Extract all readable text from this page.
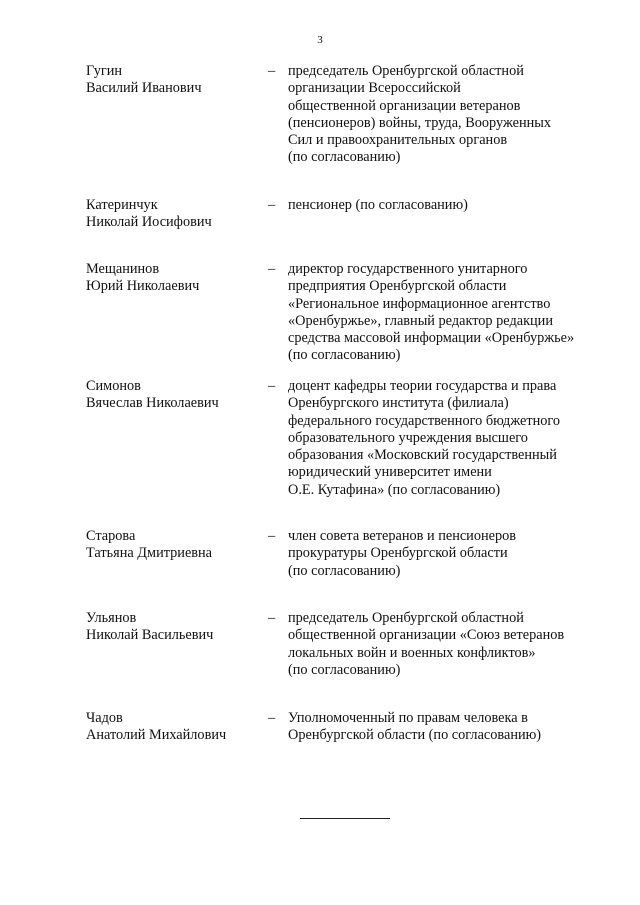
3
Гугин
Василий Иванович
– председатель Оренбургской областной
организации Всероссийской
общественной организации ветеранов
(пенсионеров) войны, труда, Вооруженных
Сил и правоохранительных органов
(по согласованию)
Катеринчук
Николай Иосифович
– пенсионер (по согласованию)
Мещанинов
Юрий Николаевич
– директор государственного унитарного
предприятия Оренбургской области
«Региональное информационное агентство
«Оренбуржье», главный редактор редакции
средства массовой информации «Оренбуржье»
(по согласованию)
Симонов
Вячеслав Николаевич
– доцент кафедры теории государства и права
Оренбургского института (филиала)
федерального государственного бюджетного
образовательного учреждения высшего
образования «Московский государственный
юридический университет имени
О.Е. Кутафина» (по согласованию)
Старова
Татьяна Дмитриевна
– член совета ветеранов и пенсионеров
прокуратуры Оренбургской области
(по согласованию)
Ульянов
Николай Васильевич
– председатель Оренбургской областной
общественной организации «Союз ветеранов
локальных войн и военных конфликтов»
(по согласованию)
Чадов
Анатолий Михайлович
– Уполномоченный по правам человека в
Оренбургской области (по согласованию)
